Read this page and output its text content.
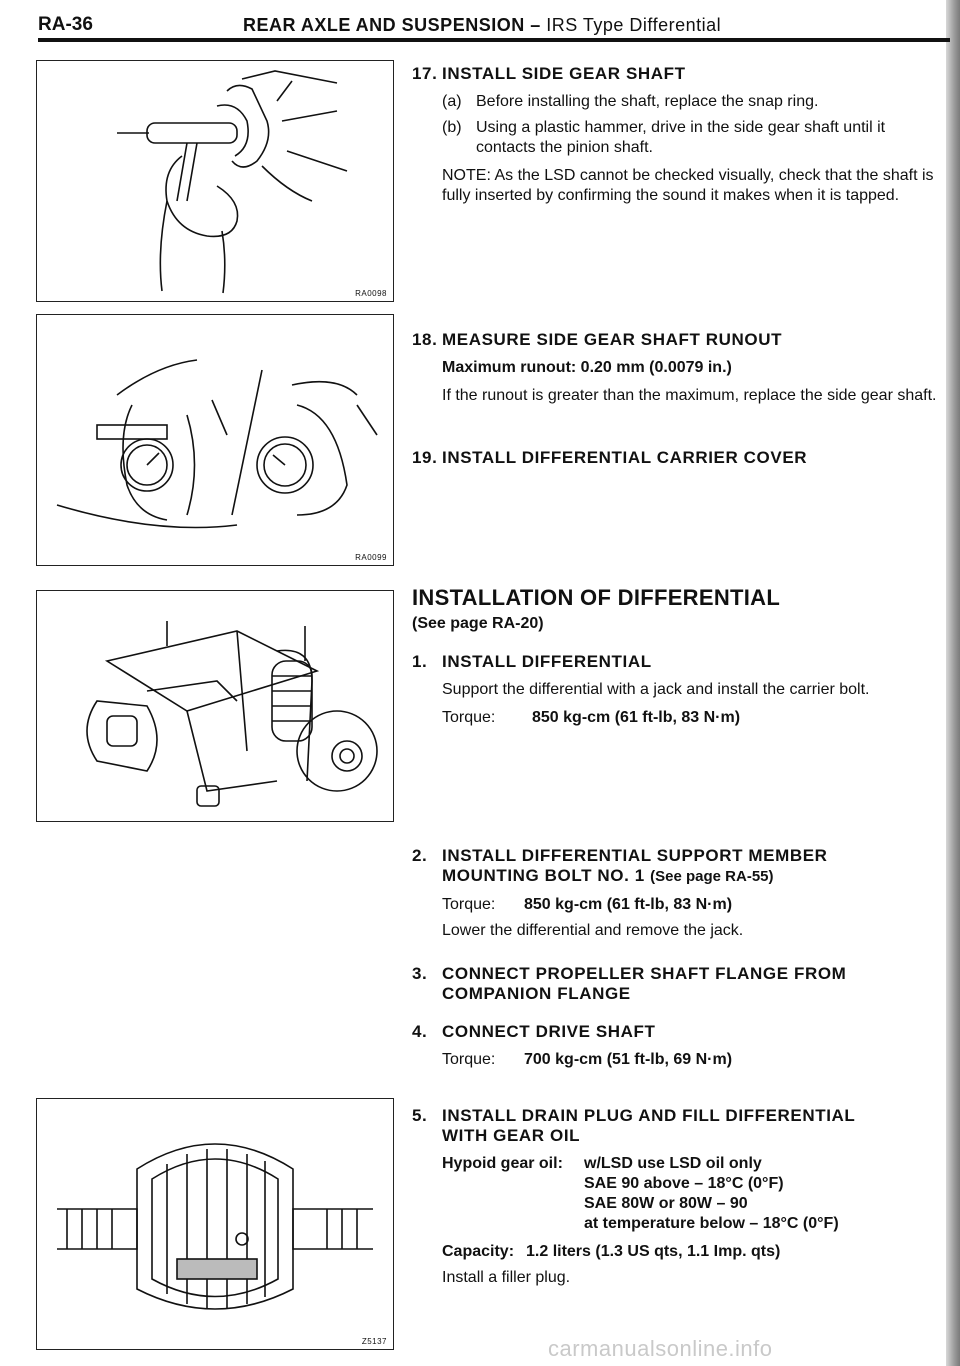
RA-36	REAR AXLE AND SUSPENSION – IRS Type Differential
RA0098
RA0099
Z5137
17. INSTALL SIDE GEAR SHAFT
(a) Before installing the shaft, replace the snap ring.
(b) Using a plastic hammer, drive in the side gear shaft until it contacts the pinion shaft.
NOTE: As the LSD cannot be checked visually, check that the shaft is fully inserted by confirming the sound it makes when it is tapped.
18. MEASURE SIDE GEAR SHAFT RUNOUT
Maximum runout: 0.20 mm (0.0079 in.)
If the runout is greater than the maximum, replace the side gear shaft.
19. INSTALL DIFFERENTIAL CARRIER COVER
INSTALLATION OF DIFFERENTIAL
(See page RA-20)
1. INSTALL DIFFERENTIAL
Support the differential with a jack and install the carrier bolt.
Torque: 850 kg-cm (61 ft-lb, 83 N·m)
2. INSTALL DIFFERENTIAL SUPPORT MEMBER
MOUNTING BOLT NO. 1 (See page RA-55)
Torque: 850 kg-cm (61 ft-lb, 83 N·m)
Lower the differential and remove the jack.
3. CONNECT PROPELLER SHAFT FLANGE FROM
COMPANION FLANGE
4. CONNECT DRIVE SHAFT
Torque: 700 kg-cm (51 ft-lb, 69 N·m)
5. INSTALL DRAIN PLUG AND FILL DIFFERENTIAL
WITH GEAR OIL
Hypoid gear oil:	w/LSD use LSD oil only
SAE 90 above – 18°C (0°F)
SAE 80W or 80W – 90
at temperature below – 18°C (0°F)
Capacity: 1.2 liters (1.3 US qts, 1.1 Imp. qts)
Install a filler plug.
carmanualsonline.info
